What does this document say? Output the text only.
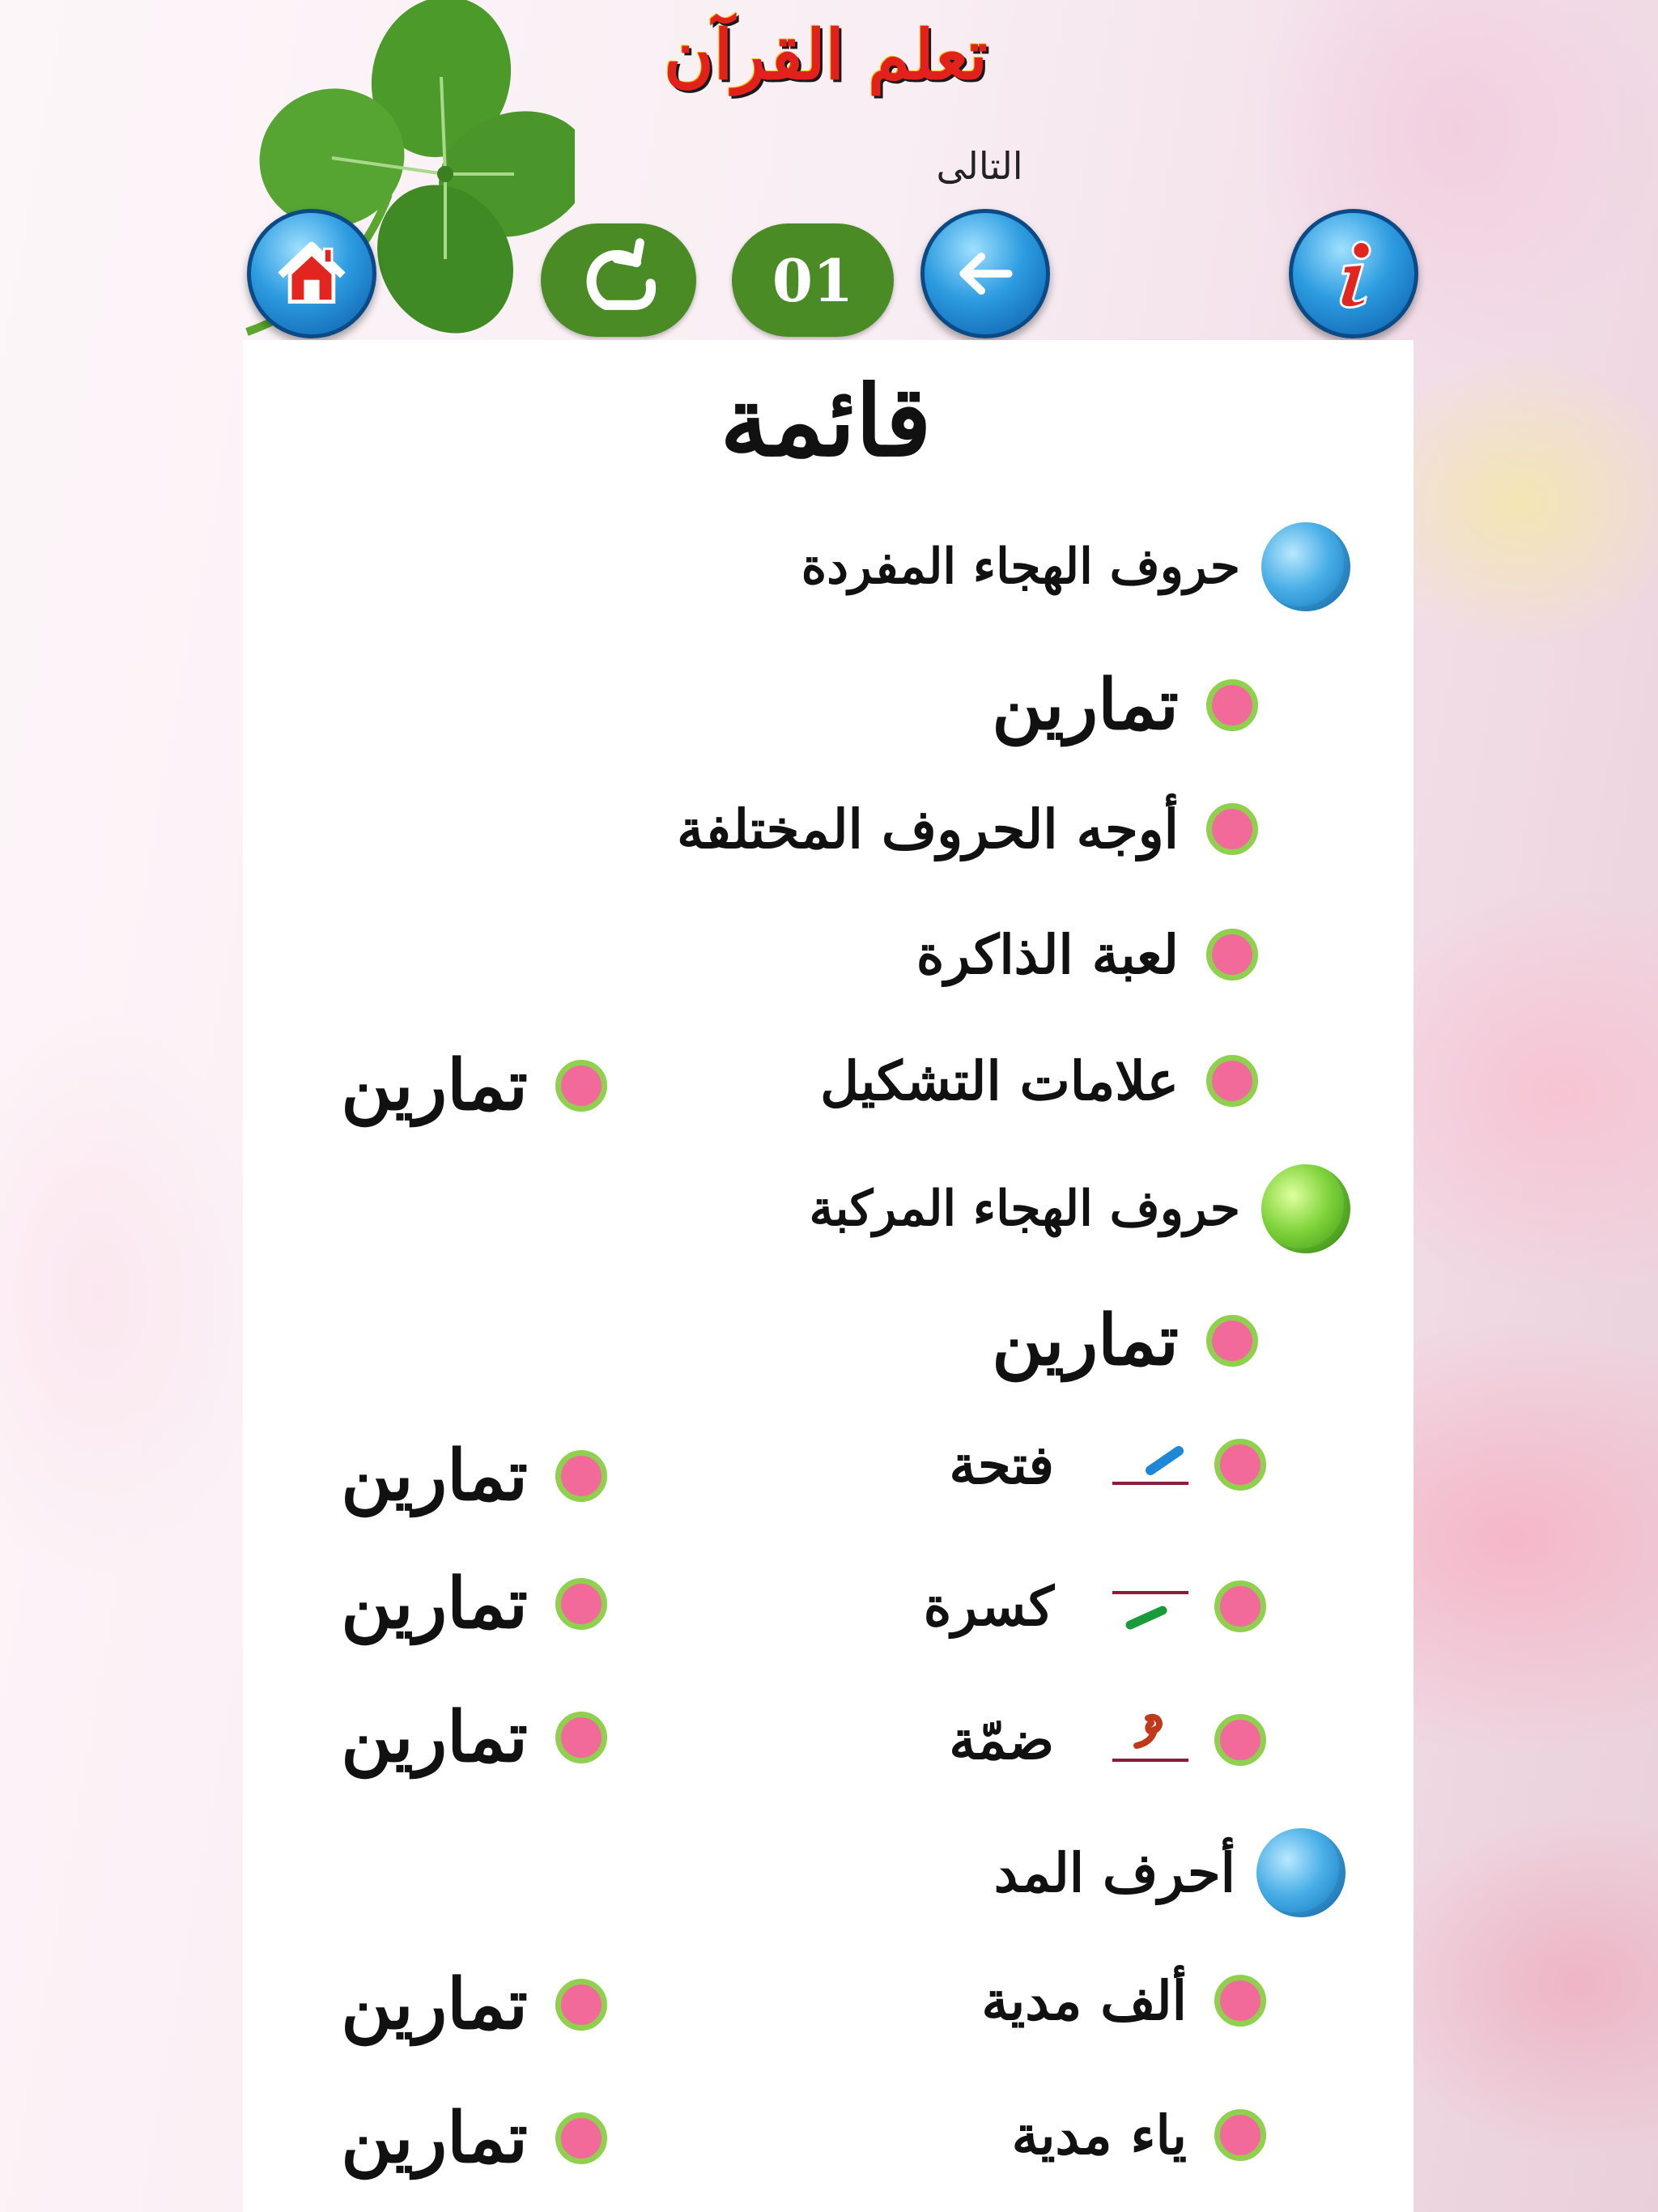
تعلم القرآن
01
التالى
قائمة
حروف الهجاء المفردة
تمارين
أوجه الحروف المختلفة
لعبة الذاكرة
علامات التشكيل
تمارين
حروف الهجاء المركبة
تمارين
فتحة
تمارين
كسرة
تمارين
ضمّة
تمارين
أحرف المد
ألف مدية
تمارين
ياء مدية
تمارين
